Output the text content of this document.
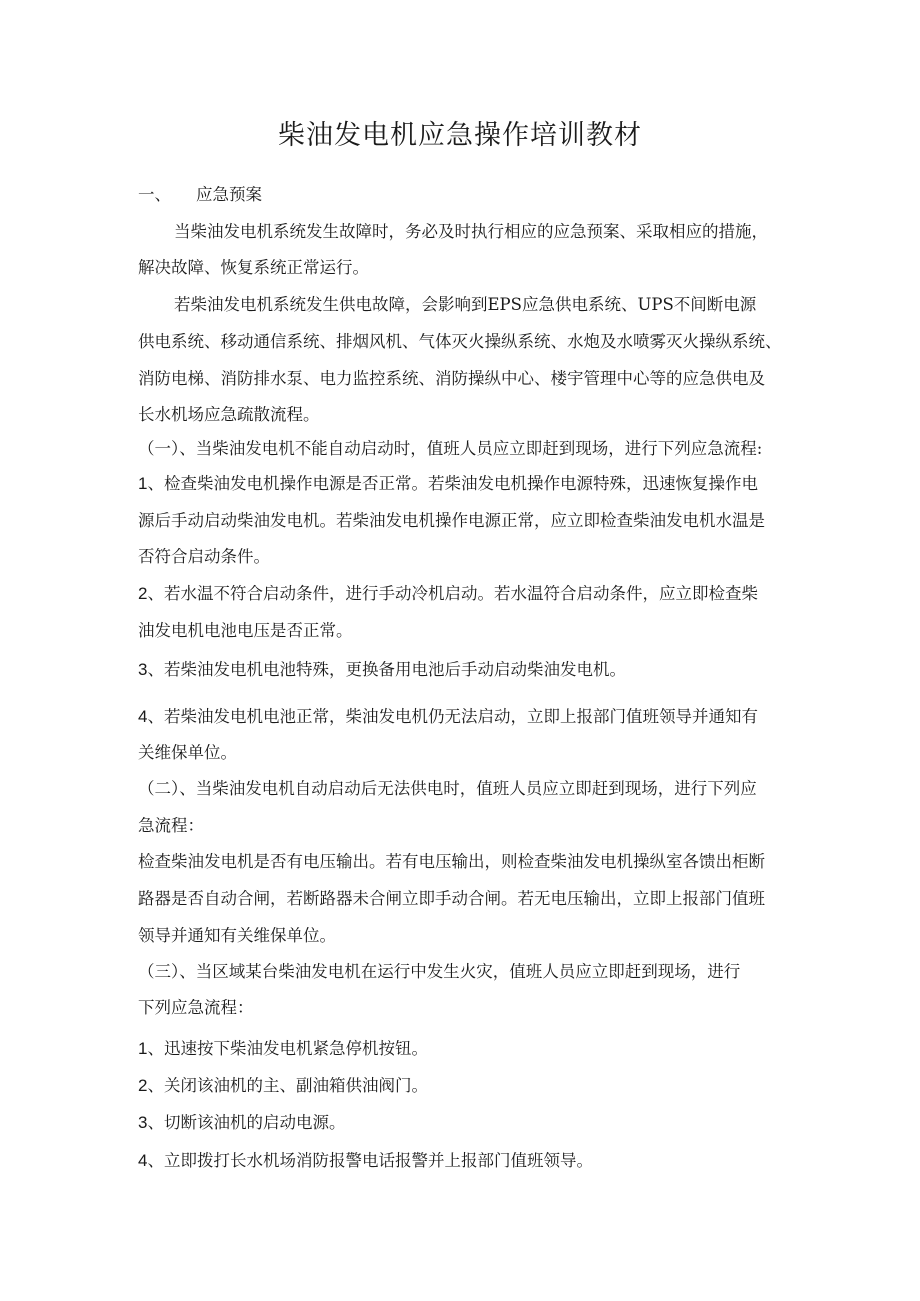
柴油发电机应急操作培训教材
一、 应急预案
当柴油发电机系统发生故障时，务必及时执行相应的应急预案、采取相应的措施，
解决故障、恢复系统正常运行。
若柴油发电机系统发生供电故障，会影响到EPS应急供电系统、UPS不间断电源
供电系统、移动通信系统、排烟风机、气体灭火操纵系统、水炮及水喷雾灭火操纵系统、
消防电梯、消防排水泵、电力监控系统、消防操纵中心、楼宇管理中心等的应急供电及
长水机场应急疏散流程。
（一）、当柴油发电机不能自动启动时，值班人员应立即赶到现场，进行下列应急流程:
1、检查柴油发电机操作电源是否正常。若柴油发电机操作电源特殊，迅速恢复操作电
源后手动启动柴油发电机。若柴油发电机操作电源正常，应立即检查柴油发电机水温是
否符合启动条件。
2、若水温不符合启动条件，进行手动冷机启动。若水温符合启动条件，应立即检查柴
油发电机电池电压是否正常。
3、若柴油发电机电池特殊，更换备用电池后手动启动柴油发电机。
4、若柴油发电机电池正常，柴油发电机仍无法启动，立即上报部门值班领导并通知有
关维保单位。
（二）、当柴油发电机自动启动后无法供电时，值班人员应立即赶到现场，进行下列应
急流程：
检查柴油发电机是否有电压输出。若有电压输出，则检查柴油发电机操纵室各馈出柜断
路器是否自动合闸，若断路器未合闸立即手动合闸。若无电压输出，立即上报部门值班
领导并通知有关维保单位。
（三）、当区域某台柴油发电机在运行中发生火灾，值班人员应立即赶到现场，进行
下列应急流程：
1、迅速按下柴油发电机紧急停机按钮。
2、关闭该油机的主、副油箱供油阀门。
3、切断该油机的启动电源。
4、立即拨打长水机场消防报警电话报警并上报部门值班领导。
